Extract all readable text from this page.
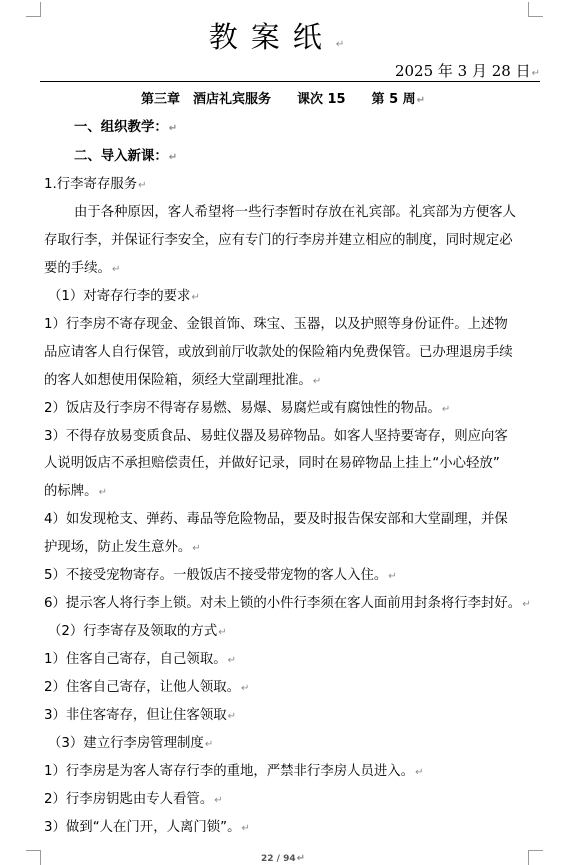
教案纸↵
2025 年 3 月 28 日↵
第三章　酒店礼宾服务　　课次 15　　第 5 周↵
一、组织教学：↵
二、导入新课：↵
1.行李寄存服务↵
由于各种原因，客人希望将一些行李暂时存放在礼宾部。礼宾部为方便客人
存取行李，并保证行李安全，应有专门的行李房并建立相应的制度，同时规定必
要的手续。↵
（1）对寄存行李的要求↵
1）行李房不寄存现金、金银首饰、珠宝、玉器，以及护照等身份证件。上述物
品应请客人自行保管，或放到前厅收款处的保险箱内免费保管。已办理退房手续
的客人如想使用保险箱，须经大堂副理批准。↵
2）饭店及行李房不得寄存易燃、易爆、易腐烂或有腐蚀性的物品。↵
3）不得存放易变质食品、易蛀仪器及易碎物品。如客人坚持要寄存，则应向客
人说明饭店不承担赔偿责任，并做好记录，同时在易碎物品上挂上“小心轻放”
的标牌。↵
4）如发现枪支、弹药、毒品等危险物品，要及时报告保安部和大堂副理，并保
护现场，防止发生意外。↵
5）不接受宠物寄存。一般饭店不接受带宠物的客人入住。↵
6）提示客人将行李上锁。对未上锁的小件行李须在客人面前用封条将行李封好。↵
（2）行李寄存及领取的方式↵
1）住客自己寄存，自己领取。↵
2）住客自己寄存，让他人领取。↵
3）非住客寄存，但让住客领取↵
（3）建立行李房管理制度↵
1）行李房是为客人寄存行李的重地，严禁非行李房人员进入。↵
2）行李房钥匙由专人看管。↵
3）做到“人在门开，人离门锁”。↵
22 / 94↵
